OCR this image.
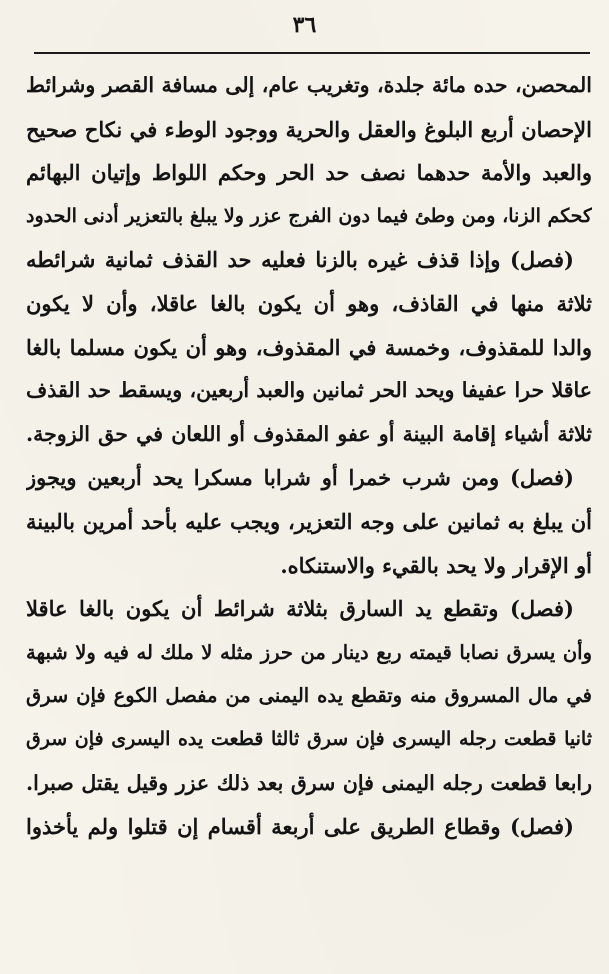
٣٦
المحصن، حده مائة جلدة، وتغريب عام، إلى مسافة القصر وشرائط
الإحصان أربع البلوغ والعقل والحرية ووجود الوطء في نكاح صحيح
والعبد والأمة حدهما نصف حد الحر وحكم اللواط وإتيان البهائم
كحكم الزنا، ومن وطئ فيما دون الفرج عزر ولا يبلغ بالتعزير أدنى الحدود
(فصل) وإذا قذف غيره بالزنا فعليه حد القذف ثمانية شرائطه
ثلاثة منها في القاذف، وهو أن يكون بالغا عاقلا، وأن لا يكون
والدا للمقذوف، وخمسة في المقذوف، وهو أن يكون مسلما بالغا
عاقلا حرا عفيفا ويحد الحر ثمانين والعبد أربعين، ويسقط حد القذف
ثلاثة أشياء إقامة البينة أو عفو المقذوف أو اللعان في حق الزوجة.
(فصل) ومن شرب خمرا أو شرابا مسكرا يحد أربعين ويجوز
أن يبلغ به ثمانين على وجه التعزير، ويجب عليه بأحد أمرين بالبينة
أو الإقرار ولا يحد بالقيء والاستنكاه.
(فصل) وتقطع يد السارق بثلاثة شرائط أن يكون بالغا عاقلا
وأن يسرق نصابا قيمته ربع دينار من حرز مثله لا ملك له فيه ولا شبهة
في مال المسروق منه وتقطع يده اليمنى من مفصل الكوع فإن سرق
ثانيا قطعت رجله اليسرى فإن سرق ثالثا قطعت يده اليسرى فإن سرق
رابعا قطعت رجله اليمنى فإن سرق بعد ذلك عزر وقيل يقتل صبرا.
(فصل) وقطاع الطريق على أربعة أقسام إن قتلوا ولم يأخذوا
